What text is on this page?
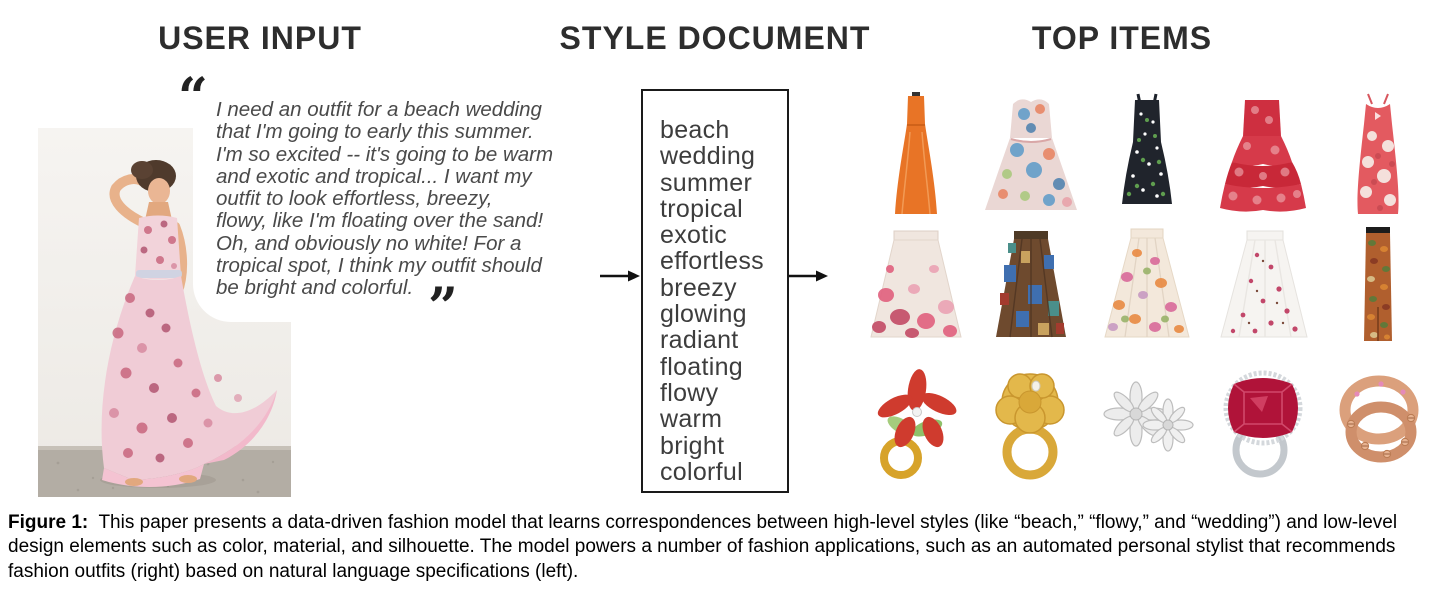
USER INPUT	STYLE DOCUMENT	TOP ITEMS
“ I need an outfit for a beach wedding
that I'm going to early this summer.
I'm so excited -- it's going to be warm
and exotic and tropical... I want my
outfit to look effortless, breezy,
flowy, like I'm floating over the sand!
Oh, and obviously no white! For a
tropical spot, I think my outfit should
be bright and colorful. ”
beach
wedding
summer
tropical
exotic
effortless
breezy
glowing
radiant
floating
flowy
warm
bright
colorful
Figure 1: This paper presents a data-driven fashion model that learns correspondences between high-level styles (like “beach,” “flowy,” and “wedding”) and low-level design elements such as color, material, and silhouette. The model powers a number of fashion applications, such as an automated personal stylist that recommends fashion outfits (right) based on natural language specifications (left).
